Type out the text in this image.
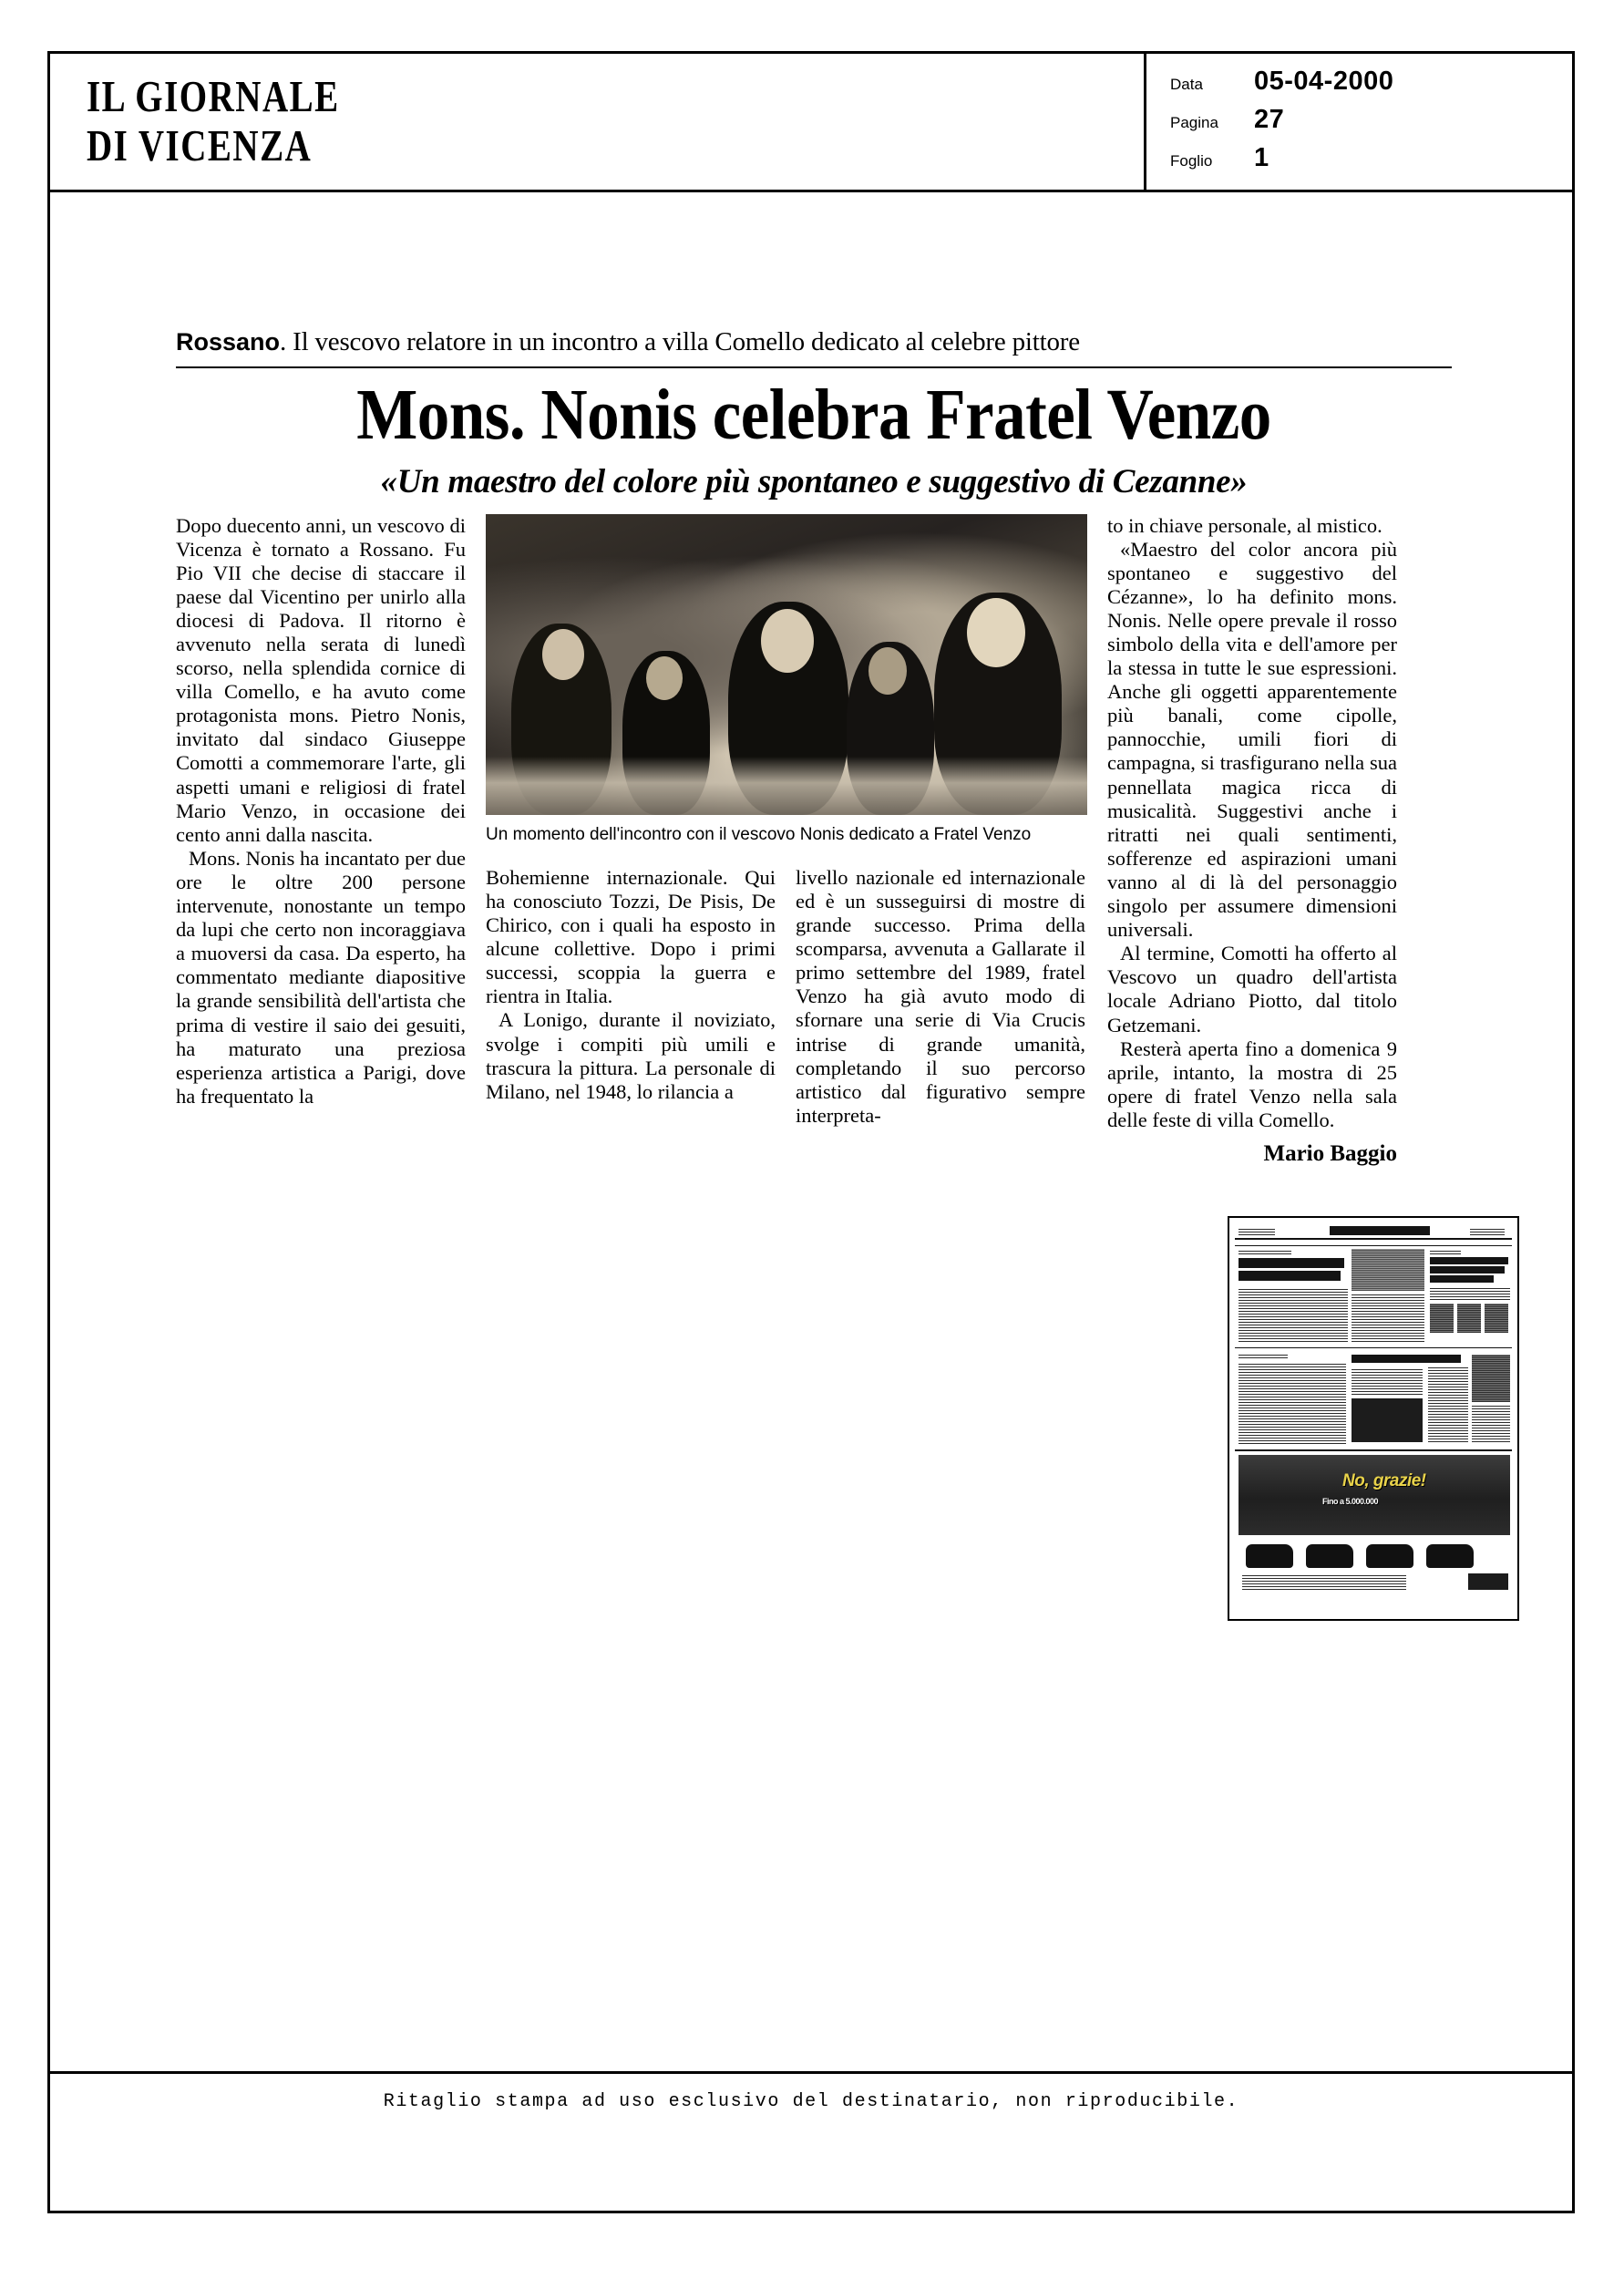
IL GIORNALE
DI VICENZA
Data	05-04-2000
Pagina	27
Foglio	1
Rossano. Il vescovo relatore in un incontro a villa Comello dedicato al celebre pittore
Mons. Nonis celebra Fratel Venzo
«Un maestro del colore più spontaneo e suggestivo di Cezanne»

Dopo duecento anni, un vescovo di Vicenza è tornato a Rossano. Fu Pio VII che decise di staccare il paese dal Vicentino per unirlo alla diocesi di Padova. Il ritorno è avvenuto nella serata di lunedì scorso, nella splendida cornice di villa Comello, e ha avuto come protagonista mons. Pietro Nonis, invitato dal sindaco Giuseppe Comotti a commemorare l'arte, gli aspetti umani e religiosi di fratel Mario Venzo, in occasione dei cento anni dalla nascita.

Mons. Nonis ha incantato per due ore le oltre 200 persone intervenute, nonostante un tempo da lupi che certo non incoraggiava a muoversi da casa. Da esperto, ha commentato mediante diapositive la grande sensibilità dell'artista che prima di vestire il saio dei gesuiti, ha maturato una preziosa esperienza artistica a Parigi, dove ha frequentato la

Un momento dell'incontro con il vescovo Nonis dedicato a Fratel Venzo

Bohemienne internazionale. Qui ha conosciuto Tozzi, De Pisis, De Chirico, con i quali ha esposto in alcune collettive. Dopo i primi successi, scoppia la guerra e rientra in Italia.

A Lonigo, durante il noviziato, svolge i compiti più umili e trascura la pittura. La personale di Milano, nel 1948, lo rilancia a

livello nazionale ed internazionale ed è un susseguirsi di mostre di grande successo. Prima della scomparsa, avvenuta a Gallarate il primo settembre del 1989, fratel Venzo ha già avuto modo di sfornare una serie di Via Crucis intrise di grande umanità, completando il suo percorso artistico dal figurativo sempre interpreta-

to in chiave personale, al mistico.

«Maestro del color ancora più spontaneo e suggestivo del Cézanne», lo ha definito mons. Nonis. Nelle opere prevale il rosso simbolo della vita e dell'amore per la stessa in tutte le sue espressioni. Anche gli oggetti apparentemente più banali, come cipolle, pannocchie, umili fiori di campagna, si trasfigurano nella sua pennellata magica ricca di musicalità. Suggestivi anche i ritratti nei quali sentimenti, sofferenze ed aspirazioni umani vanno al di là del personaggio singolo per assumere dimensioni universali.

Al termine, Comotti ha offerto al Vescovo un quadro dell'artista locale Adriano Piotto, dal titolo Getzemani.

Resterà aperta fino a domenica 9 aprile, intanto, la mostra di 25 opere di fratel Venzo nella sala delle feste di villa Comello.

Mario Baggio
No, grazie!
Fino a 5.000.000
Ritaglio stampa ad uso esclusivo del destinatario, non riproducibile.
